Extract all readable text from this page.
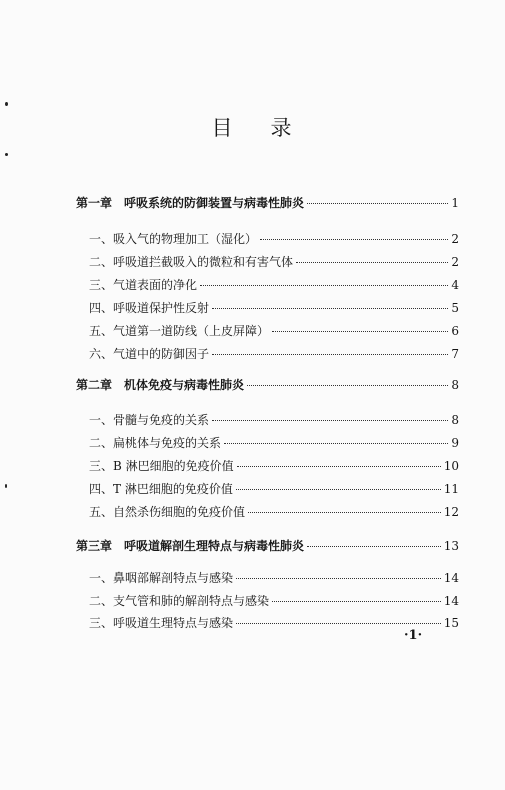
目 录
第一章　呼吸系统的防御装置与病毒性肺炎	1
一、吸入气的物理加工（湿化）	2
二、呼吸道拦截吸入的微粒和有害气体	2
三、气道表面的净化	4
四、呼吸道保护性反射	5
五、气道第一道防线（上皮屏障）	6
六、气道中的防御因子	7
第二章　机体免疫与病毒性肺炎	8
一、骨髓与免疫的关系	8
二、扁桃体与免疫的关系	9
三、B 淋巴细胞的免疫价值	10
四、T 淋巴细胞的免疫价值	11
五、自然杀伤细胞的免疫价值	12
第三章　呼吸道解剖生理特点与病毒性肺炎	13
一、鼻咽部解剖特点与感染	14
二、支气管和肺的解剖特点与感染	14
三、呼吸道生理特点与感染	15
·1·
